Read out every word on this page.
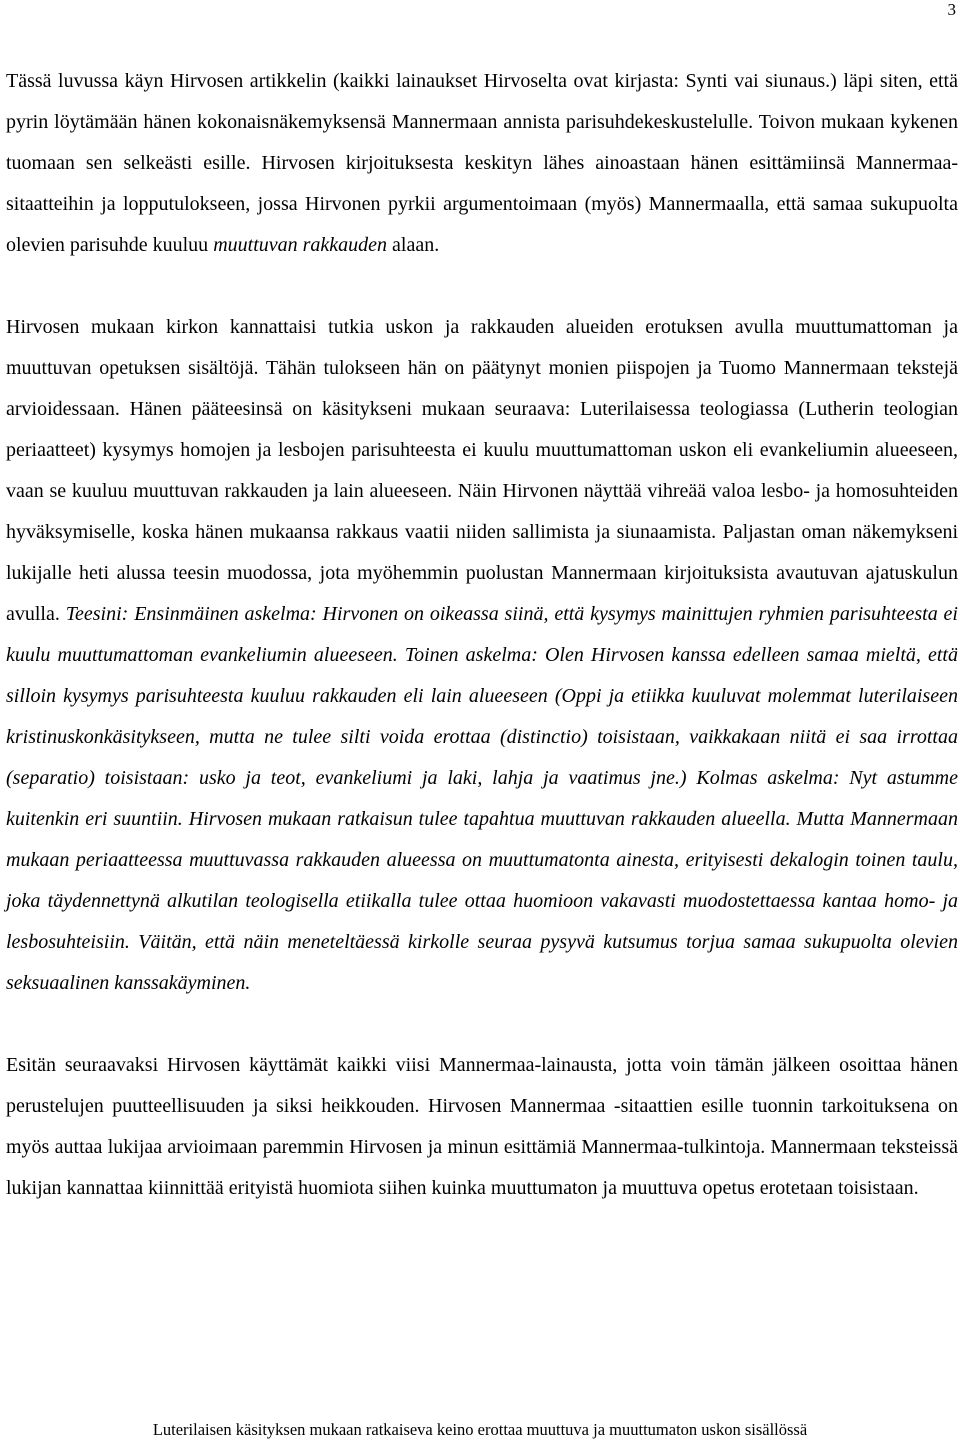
3

Tässä luvussa käyn Hirvosen artikkelin (kaikki lainaukset Hirvoselta ovat kirjasta: Synti vai siunaus.) läpi siten, että pyrin löytämään hänen kokonaisnäkemyksensä Mannermaan annista parisuhdekeskustelulle. Toivon mukaan kykenen tuomaan sen selkeästi esille. Hirvosen kirjoituksesta keskityn lähes ainoastaan hänen esittämiinsä Mannermaa-sitaatteihin ja lopputulokseen, jossa Hirvonen pyrkii argumentoimaan (myös) Mannermaalla, että samaa sukupuolta olevien parisuhde kuuluu muuttuvan rakkauden alaan.

Hirvosen mukaan kirkon kannattaisi tutkia uskon ja rakkauden alueiden erotuksen avulla muuttumattoman ja muuttuvan opetuksen sisältöjä. Tähän tulokseen hän on päätynyt monien piispojen ja Tuomo Mannermaan tekstejä arvioidessaan. Hänen pääteesinsä on käsitykseni mukaan seuraava: Luterilaisessa teologiassa (Lutherin teologian periaatteet) kysymys homojen ja lesbojen parisuhteesta ei kuulu muuttumattoman uskon eli evankeliumin alueeseen, vaan se kuuluu muuttuvan rakkauden ja lain alueeseen. Näin Hirvonen näyttää vihreää valoa lesbo- ja homosuhteiden hyväksymiselle, koska hänen mukaansa rakkaus vaatii niiden sallimista ja siunaamista. Paljastan oman näkemykseni lukijalle heti alussa teesin muodossa, jota myöhemmin puolustan Mannermaan kirjoituksista avautuvan ajatuskulun avulla. Teesini: Ensinmäinen askelma: Hirvonen on oikeassa siinä, että kysymys mainittujen ryhmien parisuhteesta ei kuulu muuttumattoman evankeliumin alueeseen. Toinen askelma: Olen Hirvosen kanssa edelleen samaa mieltä, että silloin kysymys parisuhteesta kuuluu rakkauden eli lain alueeseen (Oppi ja etiikka kuuluvat molemmat luterilaiseen kristinuskonkäsitykseen, mutta ne tulee silti voida erottaa (distinctio) toisistaan, vaikkakaan niitä ei saa irrottaa (separatio) toisistaan: usko ja teot, evankeliumi ja laki, lahja ja vaatimus jne.) Kolmas askelma: Nyt astumme kuitenkin eri suuntiin. Hirvosen mukaan ratkaisun tulee tapahtua muuttuvan rakkauden alueella. Mutta Mannermaan mukaan periaatteessa muuttuvassa rakkauden alueessa on muuttumatonta ainesta, erityisesti dekalogin toinen taulu, joka täydennettynä alkutilan teologisella etiikalla tulee ottaa huomioon vakavasti muodostettaessa kantaa homo- ja lesbosuhteisiin. Väitän, että näin meneteltäessä kirkolle seuraa pysyvä kutsumus torjua samaa sukupuolta olevien seksuaalinen kanssakäyminen.

Esitän seuraavaksi Hirvosen käyttämät kaikki viisi Mannermaa-lainausta, jotta voin tämän jälkeen osoittaa hänen perustelujen puutteellisuuden ja siksi heikkouden. Hirvosen Mannermaa -sitaattien esille tuonnin tarkoituksena on myös auttaa lukijaa arvioimaan paremmin Hirvosen ja minun esittämiä Mannermaa-tulkintoja. Mannermaan teksteissä lukijan kannattaa kiinnittää erityistä huomiota siihen kuinka muuttumaton ja muuttuva opetus erotetaan toisistaan.

Luterilaisen käsityksen mukaan ratkaiseva keino erottaa muuttuva ja muuttumaton uskon sisällössä
